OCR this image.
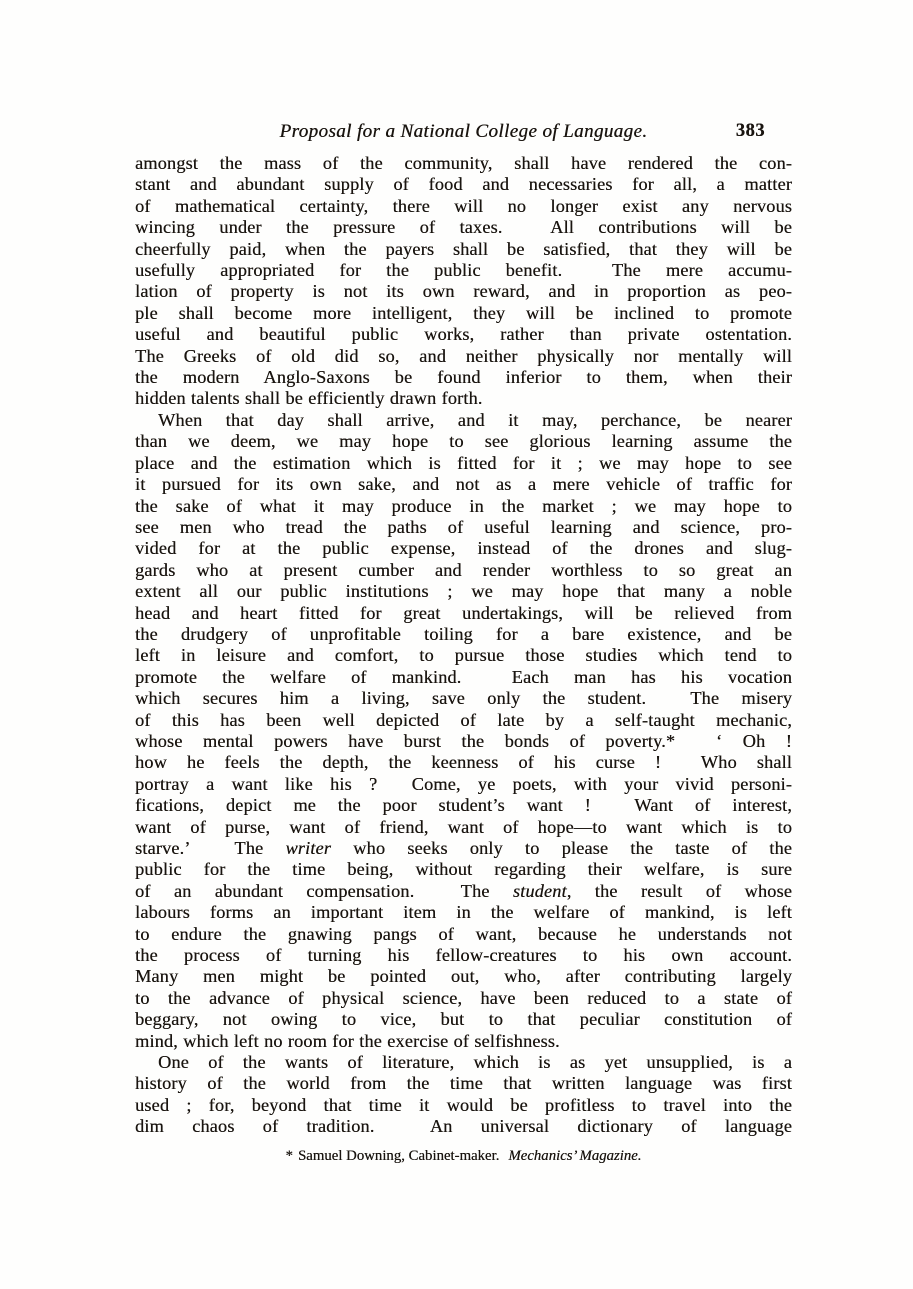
Proposal for a National College of Language.	383
amongst the mass of the community, shall have rendered the con-
stant and abundant supply of food and necessaries for all, a matter
of mathematical certainty, there will no longer exist any nervous
wincing under the pressure of taxes.  All contributions will be
cheerfully paid, when the payers shall be satisfied, that they will be
usefully appropriated for the public benefit.  The mere accumu-
lation of property is not its own reward, and in proportion as peo-
ple shall become more intelligent, they will be inclined to promote
useful and beautiful public works, rather than private ostentation.
The Greeks of old did so, and neither physically nor mentally will
the modern Anglo-Saxons be found inferior to them, when their
hidden talents shall be efficiently drawn forth.
When that day shall arrive, and it may, perchance, be nearer
than we deem, we may hope to see glorious learning assume the
place and the estimation which is fitted for it ; we may hope to see
it pursued for its own sake, and not as a mere vehicle of traffic for
the sake of what it may produce in the market ; we may hope to
see men who tread the paths of useful learning and science, pro-
vided for at the public expense, instead of the drones and slug-
gards who at present cumber and render worthless to so great an
extent all our public institutions ; we may hope that many a noble
head and heart fitted for great undertakings, will be relieved from
the drudgery of unprofitable toiling for a bare existence, and be
left in leisure and comfort, to pursue those studies which tend to
promote the welfare of mankind.  Each man has his vocation
which secures him a living, save only the student.  The misery
of this has been well depicted of late by a self-taught mechanic,
whose mental powers have burst the bonds of poverty.*  ‘ Oh !
how he feels the depth, the keenness of his curse !  Who shall
portray a want like his ?  Come, ye poets, with your vivid personi-
fications, depict me the poor student’s want !  Want of interest,
want of purse, want of friend, want of hope—to want which is to
starve.’  The writer who seeks only to please the taste of the
public for the time being, without regarding their welfare, is sure
of an abundant compensation.  The student, the result of whose
labours forms an important item in the welfare of mankind, is left
to endure the gnawing pangs of want, because he understands not
the process of turning his fellow-creatures to his own account.
Many men might be pointed out, who, after contributing largely
to the advance of physical science, have been reduced to a state of
beggary, not owing to vice, but to that peculiar constitution of
mind, which left no room for the exercise of selfishness.
One of the wants of literature, which is as yet unsupplied, is a
history of the world from the time that written language was first
used ; for, beyond that time it would be profitless to travel into the
dim chaos of tradition.  An universal dictionary of language
* Samuel Downing, Cabinet-maker. Mechanics’ Magazine.
